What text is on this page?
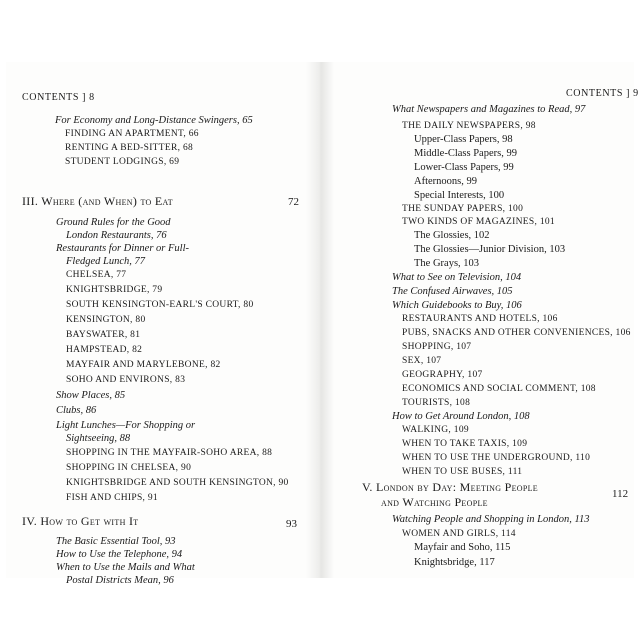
CONTENTS ] 8
For Economy and Long-Distance Swingers, 65
FINDING AN APARTMENT, 66
RENTING A BED-SITTER, 68
STUDENT LODGINGS, 69
III. Where (and When) to Eat	72
Ground Rules for the Good
London Restaurants, 76
Restaurants for Dinner or Full-
Fledged Lunch, 77
CHELSEA, 77
KNIGHTSBRIDGE, 79
SOUTH KENSINGTON-EARL'S COURT, 80
KENSINGTON, 80
BAYSWATER, 81
HAMPSTEAD, 82
MAYFAIR AND MARYLEBONE, 82
SOHO AND ENVIRONS, 83
Show Places, 85
Clubs, 86
Light Lunches—For Shopping or
Sightseeing, 88
SHOPPING IN THE MAYFAIR-SOHO AREA, 88
SHOPPING IN CHELSEA, 90
KNIGHTSBRIDGE AND SOUTH KENSINGTON, 90
FISH AND CHIPS, 91
IV. How to Get with It	93
The Basic Essential Tool, 93
How to Use the Telephone, 94
When to Use the Mails and What
Postal Districts Mean, 96
CONTENTS ] 9
What Newspapers and Magazines to Read, 97
THE DAILY NEWSPAPERS, 98
Upper-Class Papers, 98
Middle-Class Papers, 99
Lower-Class Papers, 99
Afternoons, 99
Special Interests, 100
THE SUNDAY PAPERS, 100
TWO KINDS OF MAGAZINES, 101
The Glossies, 102
The Glossies—Junior Division, 103
The Grays, 103
What to See on Television, 104
The Confused Airwaves, 105
Which Guidebooks to Buy, 106
RESTAURANTS AND HOTELS, 106
PUBS, SNACKS AND OTHER CONVENIENCES, 106
SHOPPING, 107
SEX, 107
GEOGRAPHY, 107
ECONOMICS AND SOCIAL COMMENT, 108
TOURISTS, 108
How to Get Around London, 108
WALKING, 109
WHEN TO TAKE TAXIS, 109
WHEN TO USE THE UNDERGROUND, 110
WHEN TO USE BUSES, 111
V. London by Day: Meeting People
and Watching People
112
Watching People and Shopping in London, 113
WOMEN AND GIRLS, 114
Mayfair and Soho, 115
Knightsbridge, 117
